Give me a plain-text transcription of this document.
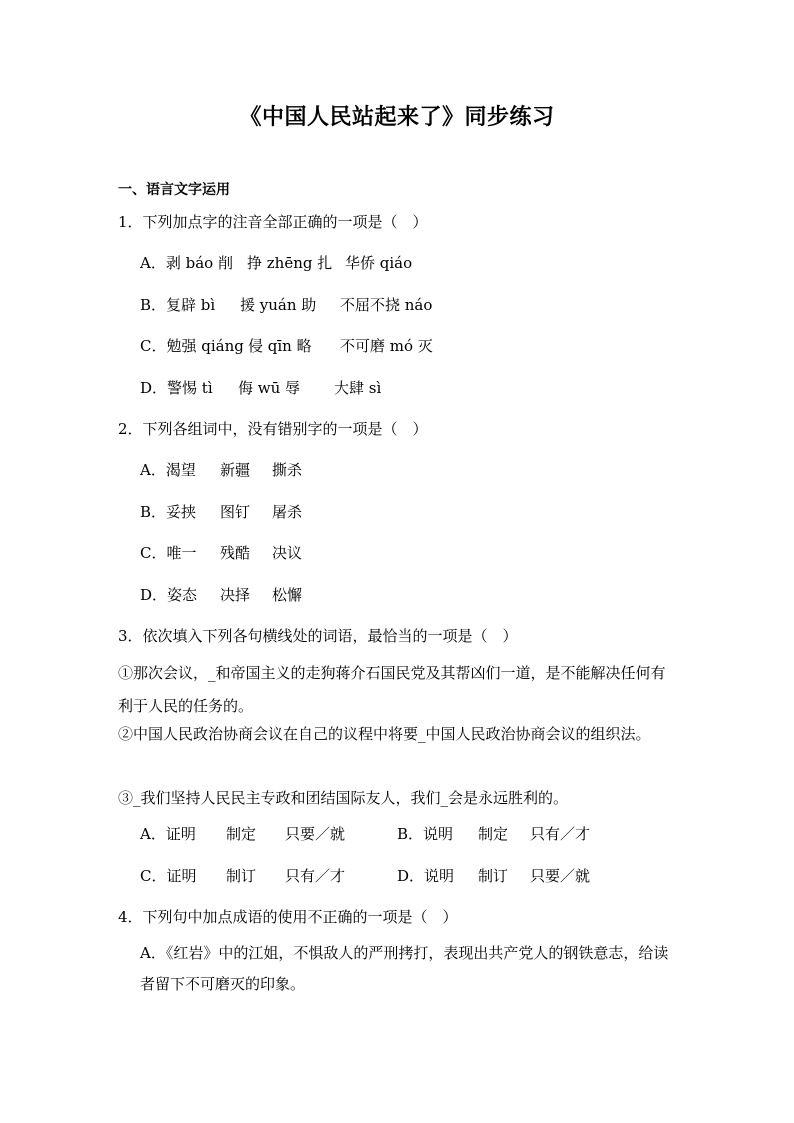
《中国人民站起来了》同步练习
一、语言文字运用
1．下列加点字的注音全部正确的一项是（　）
A．剥 báo 削 挣 zhēng 扎 华侨 qiáo
B．复辟 bì 援 yuán 助 不屈不挠 náo
C．勉强 qiáng 侵 qīn 略 不可磨 mó 灭
D．警惕 tì 侮 wū 辱 大肆 sì
2．下列各组词中，没有错别字的一项是（　）
A．渴望 新疆 撕杀
B．妥挟 图钉 屠杀
C．唯一 残酷 决议
D．姿态 决择 松懈
3．依次填入下列各句横线处的词语，最恰当的一项是（　）
①那次会议，_和帝国主义的走狗蒋介石国民党及其帮凶们一道，是不能解决任何有利于人民的任务的。
②中国人民政治协商会议在自己的议程中将要_中国人民政治协商会议的组织法。
③_我们坚持人民民主专政和团结国际友人，我们_会是永远胜利的。
A．证明 制定 只要／就	B．说明 制定 只有／才
C．证明 制订 只有／才	D．说明 制订 只要／就
4．下列句中加点成语的使用不正确的一项是（　）
A．《红岩》中的江姐，不惧敌人的严刑拷打，表现出共产党人的钢铁意志，给读者留下不可磨灭的印象。
